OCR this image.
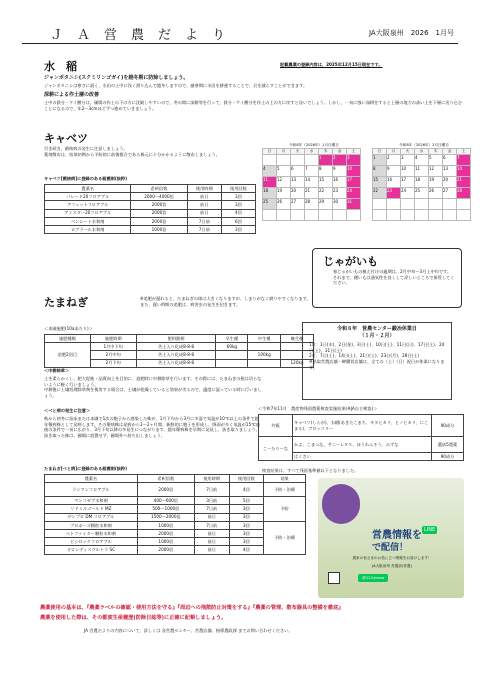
ＪＡ営農だより	JA大阪泉州　 2026　 1月号
水　稲	記載農薬の登録内容は、2025年12月15日現在です。
ジャンボタニシ(スクミリンゴガイ)を越冬期に防除しましょう。
ジャンボタニシは寒さに弱く、水田の土中に浅く潜り込んで越冬しますので、厳寒期に水田を耕運することで、貝を減らすことができます。
深耕による作土層の改善
土中の鉄分・ケイ酸分は、圃場の作土の下の方に沈殿しやすいので、冬の間に深耕等を行って、鉄分・ケイ酸分を作土の上の方に戻すと良いでしょう。しかし、一気に強い深耕をすると上層の地力の高い土を下層に送り込むことになるので、年2〜3cmほどずつ進めていきましょう。
キャベツ
引き続き、菌核病の発生に注意しましょう。
薬剤散布は、結球初期から予防的に前後都合である株元に十分かかるように散布しましょう。
キャベツ[菌核病]に登録のある殺菌剤(抜粋)
農薬名	希釈倍数	使用時期	使用回数
パレード20フロアブル	2000〜4000倍	前日	3回
アフェットフロアブル	2000倍	前日	3回
アミスター20フロアブル	2000倍	前日	4回
ベンレート水和剤	2000倍	7日前	6回
ロブラール水和剤	1000倍	7日前	3回
令和8年（2026年）1月日曜日
日	月	火	水	木	金	土
				1	2	3
4	5	6	7	8	9	10
11	12	13	14	15	16	17
18	19	20	21	22	23	24
25	26	27	28	29	30	31

令和8年（2026年）2月日曜日
日	月	火	水	木	金	土
1	2	3	4	5	6	7
8	9	10	11	12	13	14
15	16	17	18	19	20	21
22	23	24	25	26	27	28

じゃがいも
春じゃがいもの植え付けの適期は、2月中旬〜3月上中旬です。
それまで、種いもは通気性を良くして涼しいところで保管してください。
たまねぎ	※追肥が遅れると、たまねぎの球は大きくなりますが、しまりがなく腐りやすくなります。また、遅い時期の追肥は、病害虫の発生を招きます。
＜本圃施肥(10aあたり)＞
施肥種類	施肥時期	肥料銘柄	早生種	中生種	晩生種
追肥2回目	1月中下旬	苦土入り化成8-8-8	60kg		
	2月中旬	苦土入り化成8-8-8		100kg	
	2月下旬	苦土入り化成8-8-8			120kg
＜中耕除草＞
土を柔らかくし、肥大促進・品質向上を目的に、追肥時に中耕除草を行います。その際には、たまねぎの根は切らないように軽く行いましょう。
中耕後に土壌処理除草剤を使用する場合は、土壌が乾燥していると効果が劣るので、適度に湿っている時に行いましょう。
＜べと病の発生に注意＞
秋から初冬に苗床または本圃で1次の胞子から感染した株が、1月下旬から3月に多湿で気温が10℃以上の条件で越年罹病株として発病します。その罹病株は発病から1〜2ヶ月間、新鮮的に胞子を形成し、降雨が多く気温が15℃前後の条件で一気に広がり、3月下旬以降の多発生につながります。越年罹病株を早期に発見し、抜き取りましょう。抜き取った株は、圃場に放置せず、圃場外へ持ち出しましょう。
たまねぎ[べと病]に登録のある殺菌剤(抜粋)
農薬名	希釈倍数	使用時期	使用回数	効果
ランマンフロアブル	2000倍	7日前	4回	予防・治療
ペンコゼブ水和剤	400〜600倍	3日前	5回	予防
リドミルゴールド MZ	500〜1000倍	7日前	3回	
ザンプロ DM フロアブル	1500〜2000倍	前日	3回	
プロポーズ顆粒水和剤	1000倍	7日前	3回	予防・治療
ベトファイター顆粒水和剤	2000倍	前日	3回	
ピシロックフロアブル	1000倍	前日	3回	
オロンディスウルトラ SC	2000倍	前日	4回	
令和８年　営農センター鍛冶休業日
（１月・２月）
1月：1日(木)、2日(金)、3日(土)、10日(土)、11日(日)、17日(土)、24日(土)、31日(土)
2月：7日(土)、14日(土)、21日(土)、23日(月)、28日(土)
※県取営農店舗・岬購買店舗は、全ての（土）（日）祝日が休業になります。
＜令和7年11月　農産物残留農薬検査実施結果(※JA自主検査)＞
共販	キャベツ(しらが)、水稲(あきたこまち、キヌヒカリ、ヒノヒカリ、にこまる)、ブロッコリー	90成分
こーたりーな	かぶ、こまつな、サニーレタス、ほうれんそう、みずな	選抜5農薬
	はくさい	90成分
検査結果は、すべて残留基準値以下となりました。
営農情報を LINE
で配信！
農家の皆さまのお役に立つ情報をお届けします！
JA大阪泉州 営農部(営農)
@122ytnea
農薬使用の基本は、『農薬ラベルの確認・使用方法を守る』『周辺への飛散防止対策をする』『農薬の管理、散布器具の整備を徹底』
農薬を使用した際は、その都度生産履歴(防除日誌等)に正確に記帳しましょう。
JA 営農だよりの内容について、詳しくは 各営農センター、営農店舗、指導農政課 までお問い合わせください。
